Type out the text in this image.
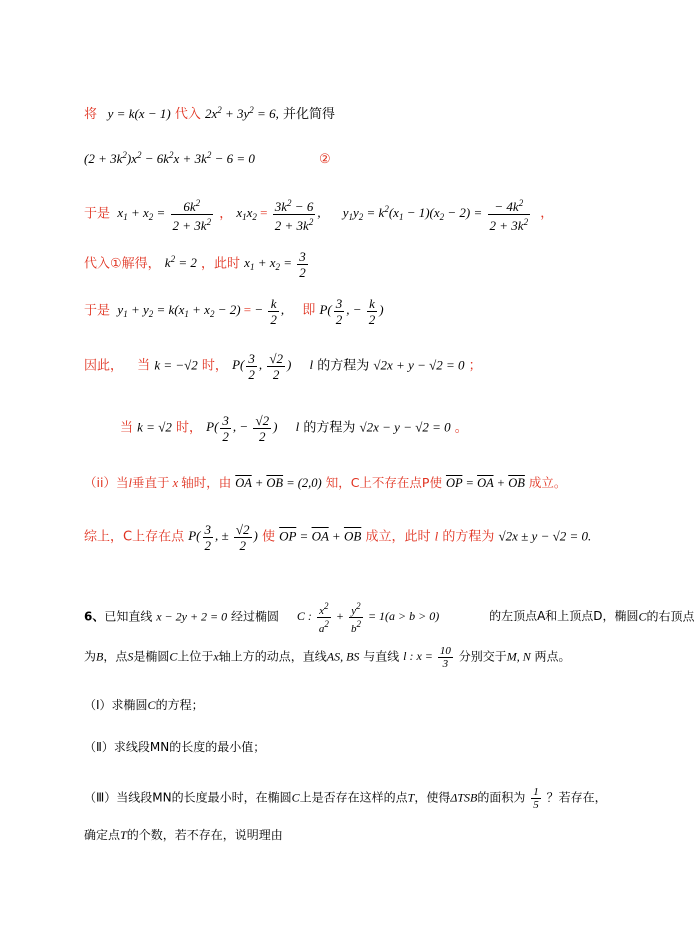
将   y = k(x − 1) 代入 $2x^2 + 3y^2 = 6$, 并化简得
$(2 + 3k^2)x^2 - 6k^2x + 3k^2 - 6 = 0$	②
于是  $x_1 + x_2 = \frac{6k^2}{2 + 3k^2}$ ， $x_1x_2 = \frac{3k^2 - 6}{2 + 3k^2}$ , $y_1y_2 = k^2(x_1 - 1)(x_2 - 2) = \frac{- 4k^2}{2 + 3k^2}$ ，
代入①解得， $k^2 = 2$ ，此时 $x_1 + x_2 = \frac{3}{2}$
于是  $y_1 + y_2 = k(x_1 + x_2 - 2)$ = − $\frac{k}{2}$ , 即 $P( \frac{3}{2}$ , − $\frac{k}{2}$ )
因此， 当 k = −√2 时， $P( \frac{3}{2}$ , $\frac{√2}{2}$ ) l 的方程为 √2x + y − √2 = 0 ；
当 k = √2 时， $P( \frac{3}{2}$ , − $\frac{√2}{2}$ ) l 的方程为 √2x − y − √2 = 0 。
（ii）当l垂直于 x 轴时，由 $\overline{OA} + \overline{OB} = (2,0)$ 知，C上不存在点P使 $\overline{OP} = \overline{OA} + \overline{OB}$ 成立。
综上，C上存在点 $P( \frac{3}{2}$ , ± $\frac{√2}{2}$ ) 使 $\overline{OP} = \overline{OA} + \overline{OB}$ 成立，此时 l 的方程为 √2x ± y − √2 = 0.
6、已知直线 x − 2y + 2 = 0 经过椭圆 C : $\frac{x^2}{a^2} + \frac{y^2}{b^2} = 1(a > b > 0)$	的左顶点A和上顶点D，椭圆C的右顶点
为B，点S是椭圆C上位于x轴上方的动点，直线AS, BS 与直线 l : $x = \frac{10}{3}$ 分别交于M, N 两点。
（I）求椭圆C的方程；
（Ⅱ）求线段MN的长度的最小值；
（Ⅲ）当线段MN的长度最小时，在椭圆C上是否存在这样的点T，使得ΔTSB的面积为 $\frac{1}{5}$ ？若存在，
确定点T的个数，若不存在，说明理由
